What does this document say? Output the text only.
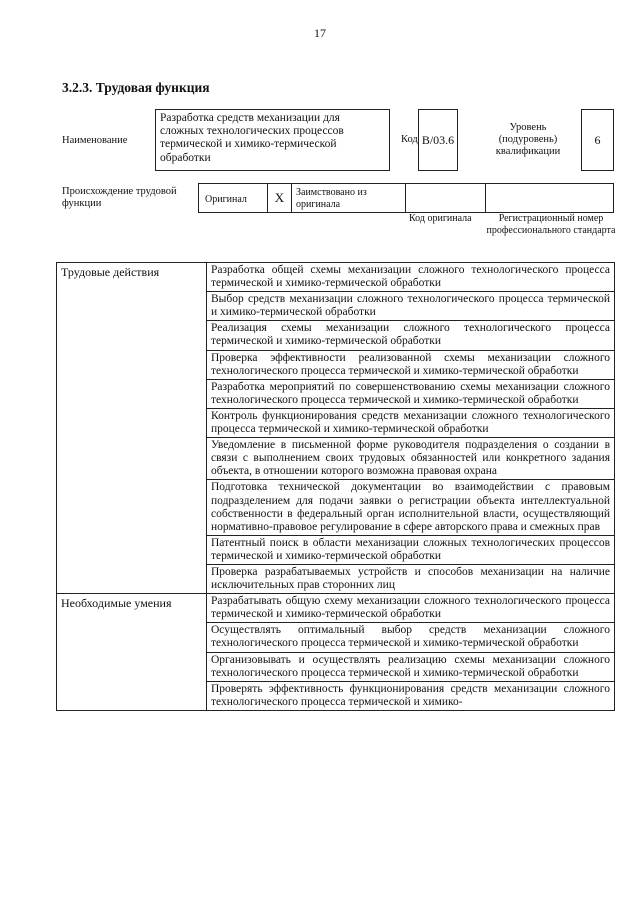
17
3.2.3. Трудовая функция
Наименование
Разработка средств механизации для сложных технологических процессов термической и химико-термической обработки
Код B/03.6
Уровень (подуровень) квалификации
6
Происхождение трудовой функции	Оригинал X Заимствовано из оригинала
Код оригинала	Регистрационный номер профессионального стандарта
Трудовые действия	Разработка общей схемы механизации сложного технологического процесса термической и химико-термической обработки
	Выбор средств механизации сложного технологического процесса термической и химико-термической обработки
	Реализация схемы механизации сложного технологического процесса термической и химико-термической обработки
	Проверка эффективности реализованной схемы механизации сложного технологического процесса термической и химико-термической обработки
	Разработка мероприятий по совершенствованию схемы механизации сложного технологического процесса термической и химико-термической обработки
	Контроль функционирования средств механизации сложного технологического процесса термической и химико-термической обработки
	Уведомление в письменной форме руководителя подразделения о создании в связи с выполнением своих трудовых обязанностей или конкретного задания объекта, в отношении которого возможна правовая охрана
	Подготовка технической документации во взаимодействии с правовым подразделением для подачи заявки о регистрации объекта интеллектуальной собственности в федеральный орган исполнительной власти, осуществляющий нормативно-правовое регулирование в сфере авторского права и смежных прав
	Патентный поиск в области механизации сложных технологических процессов термической и химико-термической обработки
	Проверка разрабатываемых устройств и способов механизации на наличие исключительных прав сторонних лиц
Необходимые умения	Разрабатывать общую схему механизации сложного технологического процесса термической и химико-термической обработки
	Осуществлять оптимальный выбор средств механизации сложного технологического процесса термической и химико-термической обработки
	Организовывать и осуществлять реализацию схемы механизации сложного технологического процесса термической и химико-термической обработки
	Проверять эффективность функционирования средств механизации сложного технологического процесса термической и химико-
